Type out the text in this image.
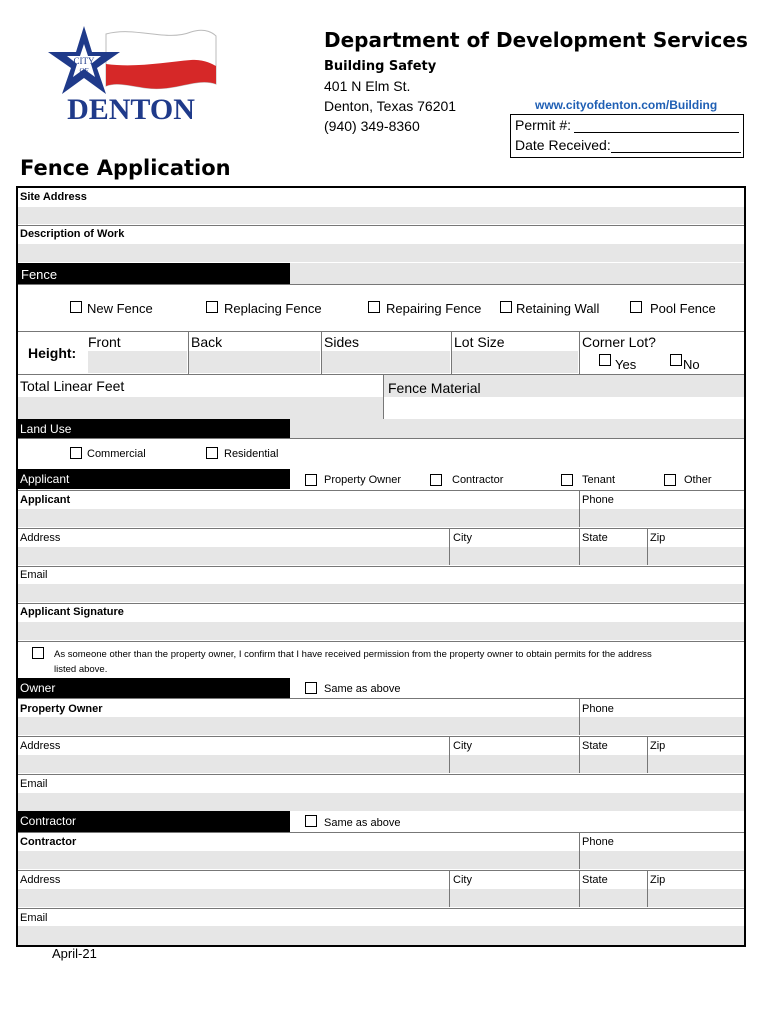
CITY
OF
DENTON
Department of Development Services
Building Safety
401 N Elm St.
Denton, Texas 76201
(940) 349-8360
www.cityofdenton.com/Building
Permit #:
Date Received:
Fence Application
Site Address
Description of Work
Fence
New Fence	Replacing Fence	Repairing Fence	Retaining Wall	Pool Fence
Height:
Front	Back	Sides	Lot Size	Corner Lot?
Yes	No
Total Linear Feet	Fence Material
Land Use
Commercial	Residential
Applicant	Property Owner	Contractor	Tenant	Other
Applicant	Phone
Address	City	State	Zip
Email
Applicant Signature
As someone other than the property owner, I confirm that I have received permission from the property owner to obtain permits for the address
listed above.
Owner	Same as above
Property Owner	Phone
Address	City	State	Zip
Email
Contractor	Same as above
Contractor	Phone
Address	City	State	Zip
Email
April-21
